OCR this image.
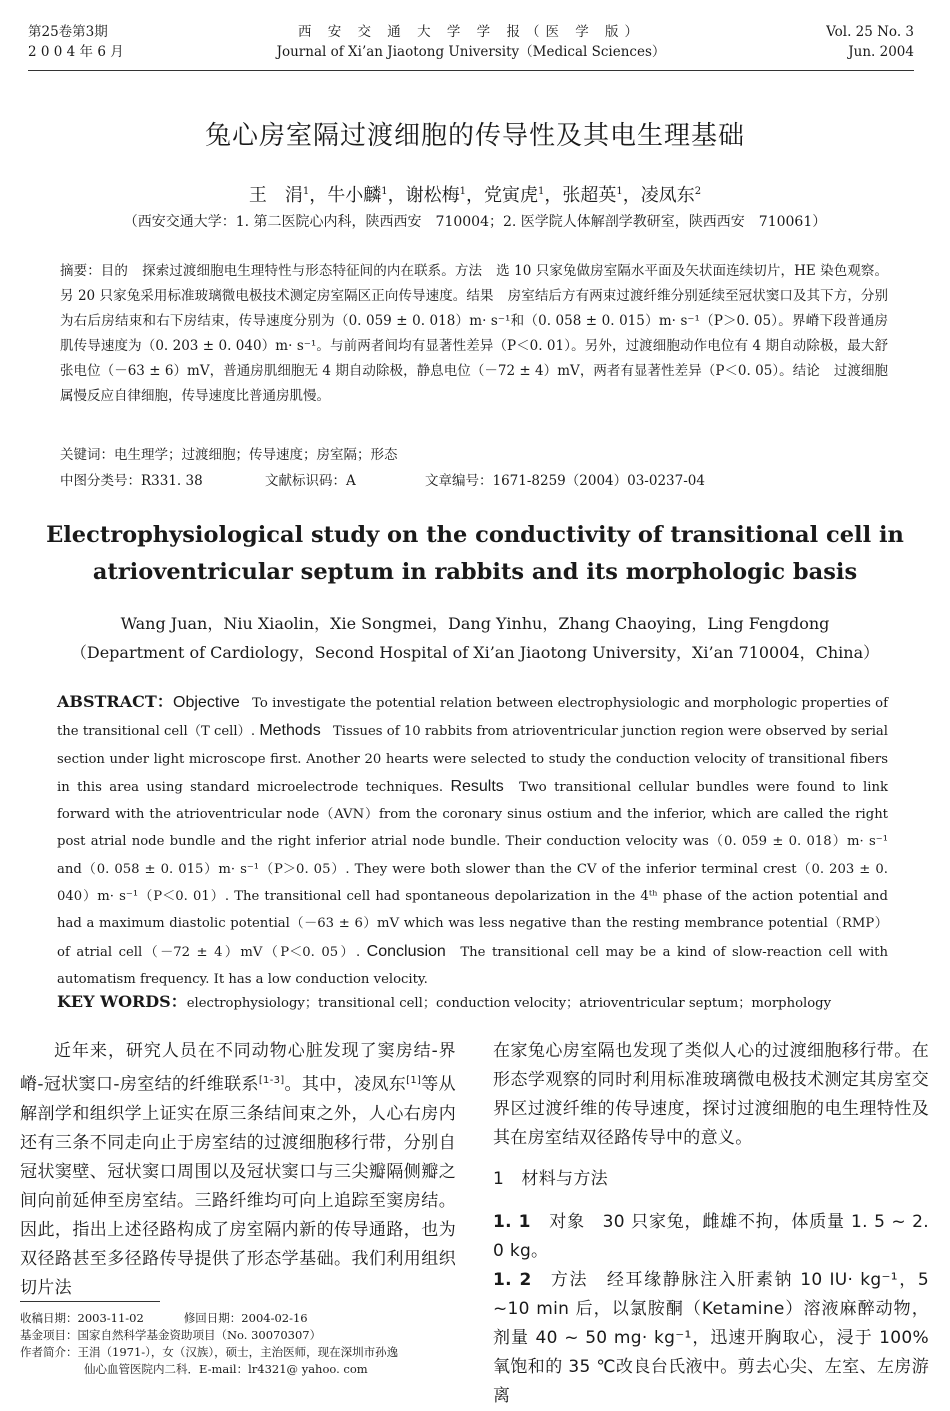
第25卷第3期
2 0 0 4 年 6 月
西 安 交 通 大 学 学 报（医 学 版）
Journal of Xi’an Jiaotong University（Medical Sciences）
Vol. 25 No. 3
Jun. 2004
兔心房室隔过渡细胞的传导性及其电生理基础
王　涓$^1$，牛小麟$^1$，谢松梅$^1$，党寅虎$^1$，张超英$^1$，凌凤东$^2$
（西安交通大学：1. 第二医院心内科，陕西西安　710004；2. 医学院人体解剖学教研室，陕西西安　710061）
摘要：目的 探索过渡细胞电生理特性与形态特征间的内在联系。方法 选 10 只家兔做房室隔水平面及矢状面连续切片，HE 染色观察。另 20 只家兔采用标准玻璃微电极技术测定房室隔区正向传导速度。结果 房室结后方有两束过渡纤维分别延续至冠状窦口及其下方，分别为右后房结束和右下房结束，传导速度分别为（0. 059 ± 0. 018）m· s⁻¹和（0. 058 ± 0. 015）m· s⁻¹（P＞0. 05）。界嵴下段普通房肌传导速度为（0. 203 ± 0. 040）m· s⁻¹。与前两者间均有显著性差异（P＜0. 01）。另外，过渡细胞动作电位有 4 期自动除极，最大舒张电位（－63 ± 6）mV，普通房肌细胞无 4 期自动除极，静息电位（－72 ± 4）mV，两者有显著性差异（P＜0. 05）。结论 过渡细胞属慢反应自律细胞，传导速度比普通房肌慢。
关键词：电生理学；过渡细胞；传导速度；房室隔；形态
中图分类号：R331. 38	文献标识码：A	文章编号：1671-8259（2004）03-0237-04
Electrophysiological study on the conductivity of transitional cell in
atrioventricular septum in rabbits and its morphologic basis
Wang Juan，Niu Xiaolin，Xie Songmei，Dang Yinhu，Zhang Chaoying，Ling Fengdong
（Department of Cardiology，Second Hospital of Xi’an Jiaotong University，Xi’an 710004，China）
ABSTRACT：Objective To investigate the potential relation between electrophysiologic and morphologic properties of the transitional cell（T cell）. Methods Tissues of 10 rabbits from atrioventricular junction region were observed by serial section under light microscope first. Another 20 hearts were selected to study the conduction velocity of transitional fibers in this area using standard microelectrode techniques. Results Two transitional cellular bundles were found to link forward with the atrioventricular node（AVN）from the coronary sinus ostium and the inferior, which are called the right post atrial node bundle and the right inferior atrial node bundle. Their conduction velocity was（0. 059 ± 0. 018）m· s⁻¹ and（0. 058 ± 0. 015）m· s⁻¹（P＞0. 05）. They were both slower than the CV of the inferior terminal crest（0. 203 ± 0. 040）m· s⁻¹（P＜0. 01）. The transitional cell had spontaneous depolarization in the 4ᵗʰ phase of the action potential and had a maximum diastolic potential（－63 ± 6）mV which was less negative than the resting membrance potential（RMP）of atrial cell（－72 ± 4）mV（P＜0. 05）. Conclusion The transitional cell may be a kind of slow-reaction cell with automatism frequency. It has a low conduction velocity.
KEY WORDS：electrophysiology；transitional cell；conduction velocity；atrioventricular septum；morphology

近年来，研究人员在不同动物心脏发现了窦房结-界嵴-冠状窦口-房室结的纤维联系[1-3]。其中，凌凤东[1]等从解剖学和组织学上证实在原三条结间束之外，人心右房内还有三条不同走向止于房室结的过渡细胞移行带，分别自冠状窦壁、冠状窦口周围以及冠状窦口与三尖瓣隔侧瓣之间向前延伸至房室结。三路纤维均可向上追踪至窦房结。因此，指出上述径路构成了房室隔内新的传导通路，也为双径路甚至多径路传导提供了形态学基础。我们利用组织切片法

在家兔心房室隔也发现了类似人心的过渡细胞移行带。在形态学观察的同时利用标准玻璃微电极技术测定其房室交界区过渡纤维的传导速度，探讨过渡细胞的电生理特性及其在房室结双径路传导中的意义。

1　材料与方法

1. 1 对象　30 只家兔，雌雄不拘，体质量 1. 5 ~ 2. 0 kg。

1. 2 方法　经耳缘静脉注入肝素钠 10 IU· kg⁻¹，5 ~10 min 后，以氯胺酮（Ketamine）溶液麻醉动物，剂量 40 ~ 50 mg· kg⁻¹，迅速开胸取心，浸于 100% 氧饱和的 35 ℃改良台氏液中。剪去心尖、左室、左房游离

收稿日期：2003-11-02	修回日期：2004-02-16
基金项目：国家自然科学基金资助项目（No. 30070307）
作者简介：王涓（1971-），女（汉族），硕士，主治医师，现在深圳市孙逸
仙心血管医院内二科．E-mail：lr4321@ yahoo. com
